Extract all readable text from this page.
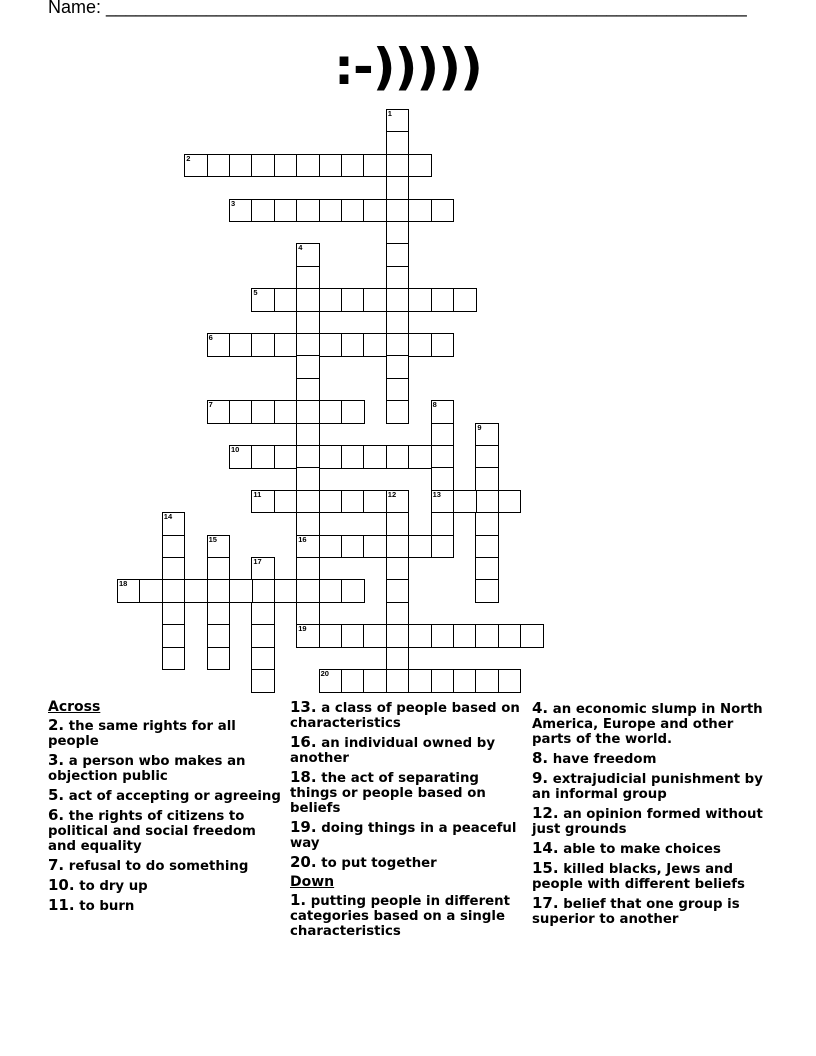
Name: ________________________________________________________________
:-)))))
1
2
3
4
16
19
5
6
7	8
13
9
10
11	12
14
15
17
18
20
Across
2. the same rights for all people
3. a person wbo makes an objection public
5. act of accepting or agreeing
6. the rights of citizens to political and social freedom and equality
7. refusal to do something
10. to dry up
11. to burn
13. a class of people based on characteristics
16. an individual owned by another
18. the act of separating things or people based on beliefs
19. doing things in a peaceful way
20. to put together
Down
1. putting people in different categories based on a single characteristics
4. an economic slump in North America, Europe and other parts of the world.
8. have freedom
9. extrajudicial punishment by an informal group
12. an opinion formed without just grounds
14. able to make choices
15. killed blacks, Jews and people with different beliefs
17. belief that one group is superior to another
